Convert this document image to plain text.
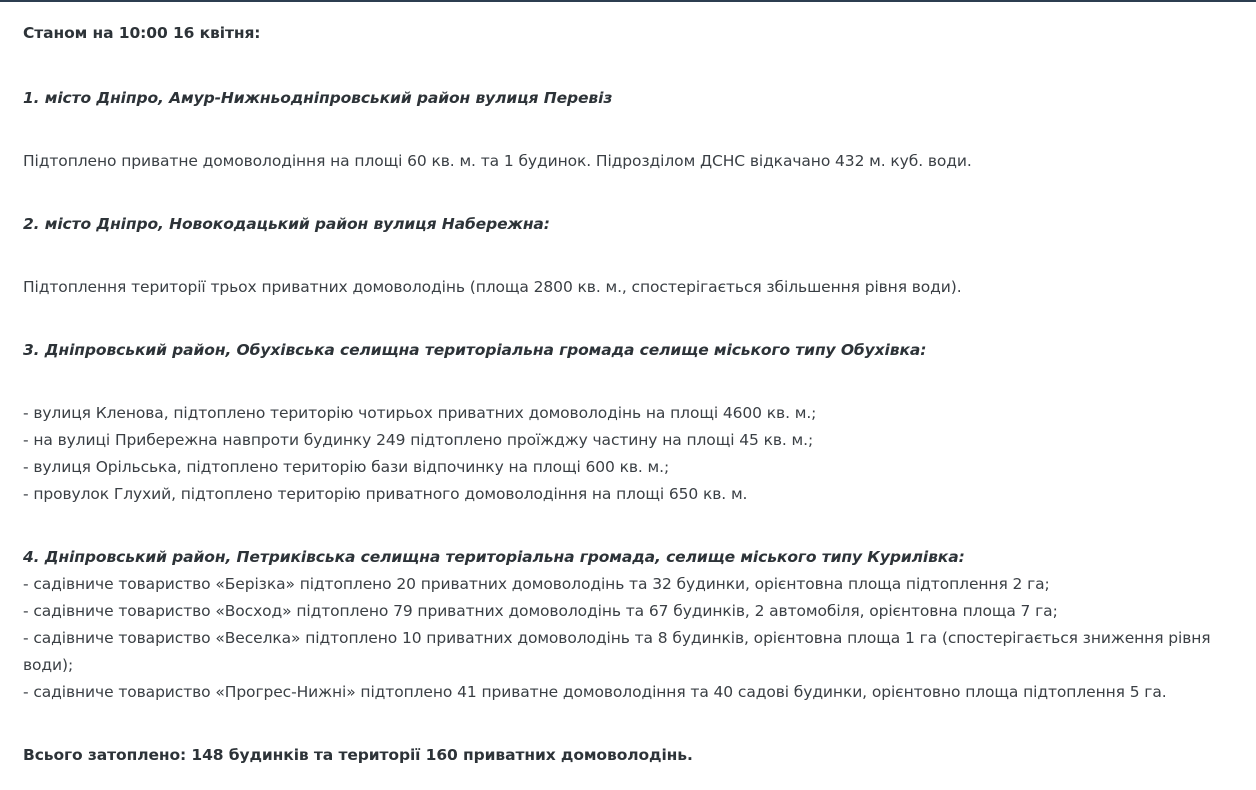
Станом на 10:00 16 квітня:
1. місто Дніпро, Амур-Нижньодніпровський район вулиця Перевіз
Підтоплено приватне домоволодіння на площі 60 кв. м. та 1 будинок. Підрозділом ДСНС відкачано 432 м. куб. води.
2. місто Дніпро, Новокодацький район вулиця Набережна:
Підтоплення території трьох приватних домоволодінь (площа 2800 кв. м., спостерігається збільшення рівня води).
3. Дніпровський район, Обухівська селищна територіальна громада селище міського типу Обухівка:
- вулиця Кленова, підтоплено територію чотирьох приватних домоволодінь на площі 4600 кв. м.;
- на вулиці Прибережна навпроти будинку 249 підтоплено проїжджу частину на площі 45 кв. м.;
- вулиця Орільська, підтоплено територію бази відпочинку на площі 600 кв. м.;
- провулок Глухий, підтоплено територію приватного домоволодіння на площі 650 кв. м.
4. Дніпровський район, Петриківська селищна територіальна громада, селище міського типу Курилівка:
- садівниче товариство «Берізка» підтоплено 20 приватних домоволодінь та 32 будинки, орієнтовна площа підтоплення 2 га;
- садівниче товариство «Восход» підтоплено 79 приватних домоволодінь та 67 будинків, 2 автомобіля, орієнтовна площа 7 га;
- садівниче товариство «Веселка» підтоплено 10 приватних домоволодінь та 8 будинків, орієнтовна площа 1 га (спостерігається зниження рівня води);
- садівниче товариство «Прогрес-Нижні» підтоплено 41 приватне домоволодіння та 40 садові будинки, орієнтовно площа підтоплення 5 га.
Всього затоплено: 148 будинків та території 160 приватних домоволодінь.
